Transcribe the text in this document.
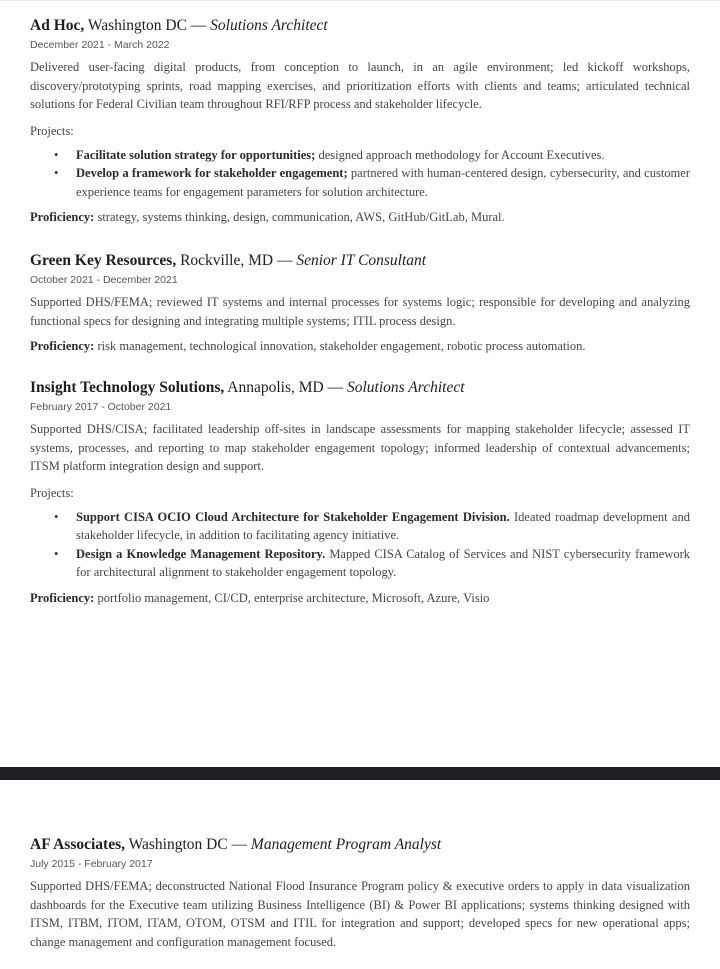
Ad Hoc, Washington DC — Solutions Architect
December 2021 - March 2022
Delivered user-facing digital products, from conception to launch, in an agile environment; led kickoff workshops, discovery/prototyping sprints, road mapping exercises, and prioritization efforts with clients and teams; articulated technical solutions for Federal Civilian team throughout RFI/RFP process and stakeholder lifecycle.
Projects:
• Facilitate solution strategy for opportunities; designed approach methodology for Account Executives.
• Develop a framework for stakeholder engagement; partnered with human-centered design, cybersecurity, and customer experience teams for engagement parameters for solution architecture.
Proficiency: strategy, systems thinking, design, communication, AWS, GitHub/GitLab, Mural.
Green Key Resources, Rockville, MD — Senior IT Consultant
October 2021 - December 2021
Supported DHS/FEMA; reviewed IT systems and internal processes for systems logic; responsible for developing and analyzing functional specs for designing and integrating multiple systems; ITIL process design.
Proficiency: risk management, technological innovation, stakeholder engagement, robotic process automation.
Insight Technology Solutions, Annapolis, MD — Solutions Architect
February 2017 - October 2021
Supported DHS/CISA; facilitated leadership off-sites in landscape assessments for mapping stakeholder lifecycle; assessed IT systems, processes, and reporting to map stakeholder engagement topology; informed leadership of contextual advancements; ITSM platform integration design and support.
Projects:
• Support CISA OCIO Cloud Architecture for Stakeholder Engagement Division. Ideated roadmap development and stakeholder lifecycle, in addition to facilitating agency initiative.
• Design a Knowledge Management Repository. Mapped CISA Catalog of Services and NIST cybersecurity framework for architectural alignment to stakeholder engagement topology.
Proficiency: portfolio management, CI/CD, enterprise architecture, Microsoft, Azure, Visio
AF Associates, Washington DC — Management Program Analyst
July 2015 - February 2017
Supported DHS/FEMA; deconstructed National Flood Insurance Program policy & executive orders to apply in data visualization dashboards for the Executive team utilizing Business Intelligence (BI) & Power BI applications; systems thinking designed with ITSM, ITBM, ITOM, ITAM, OTOM, OTSM and ITIL for integration and support; developed specs for new operational apps; change management and configuration management focused.
